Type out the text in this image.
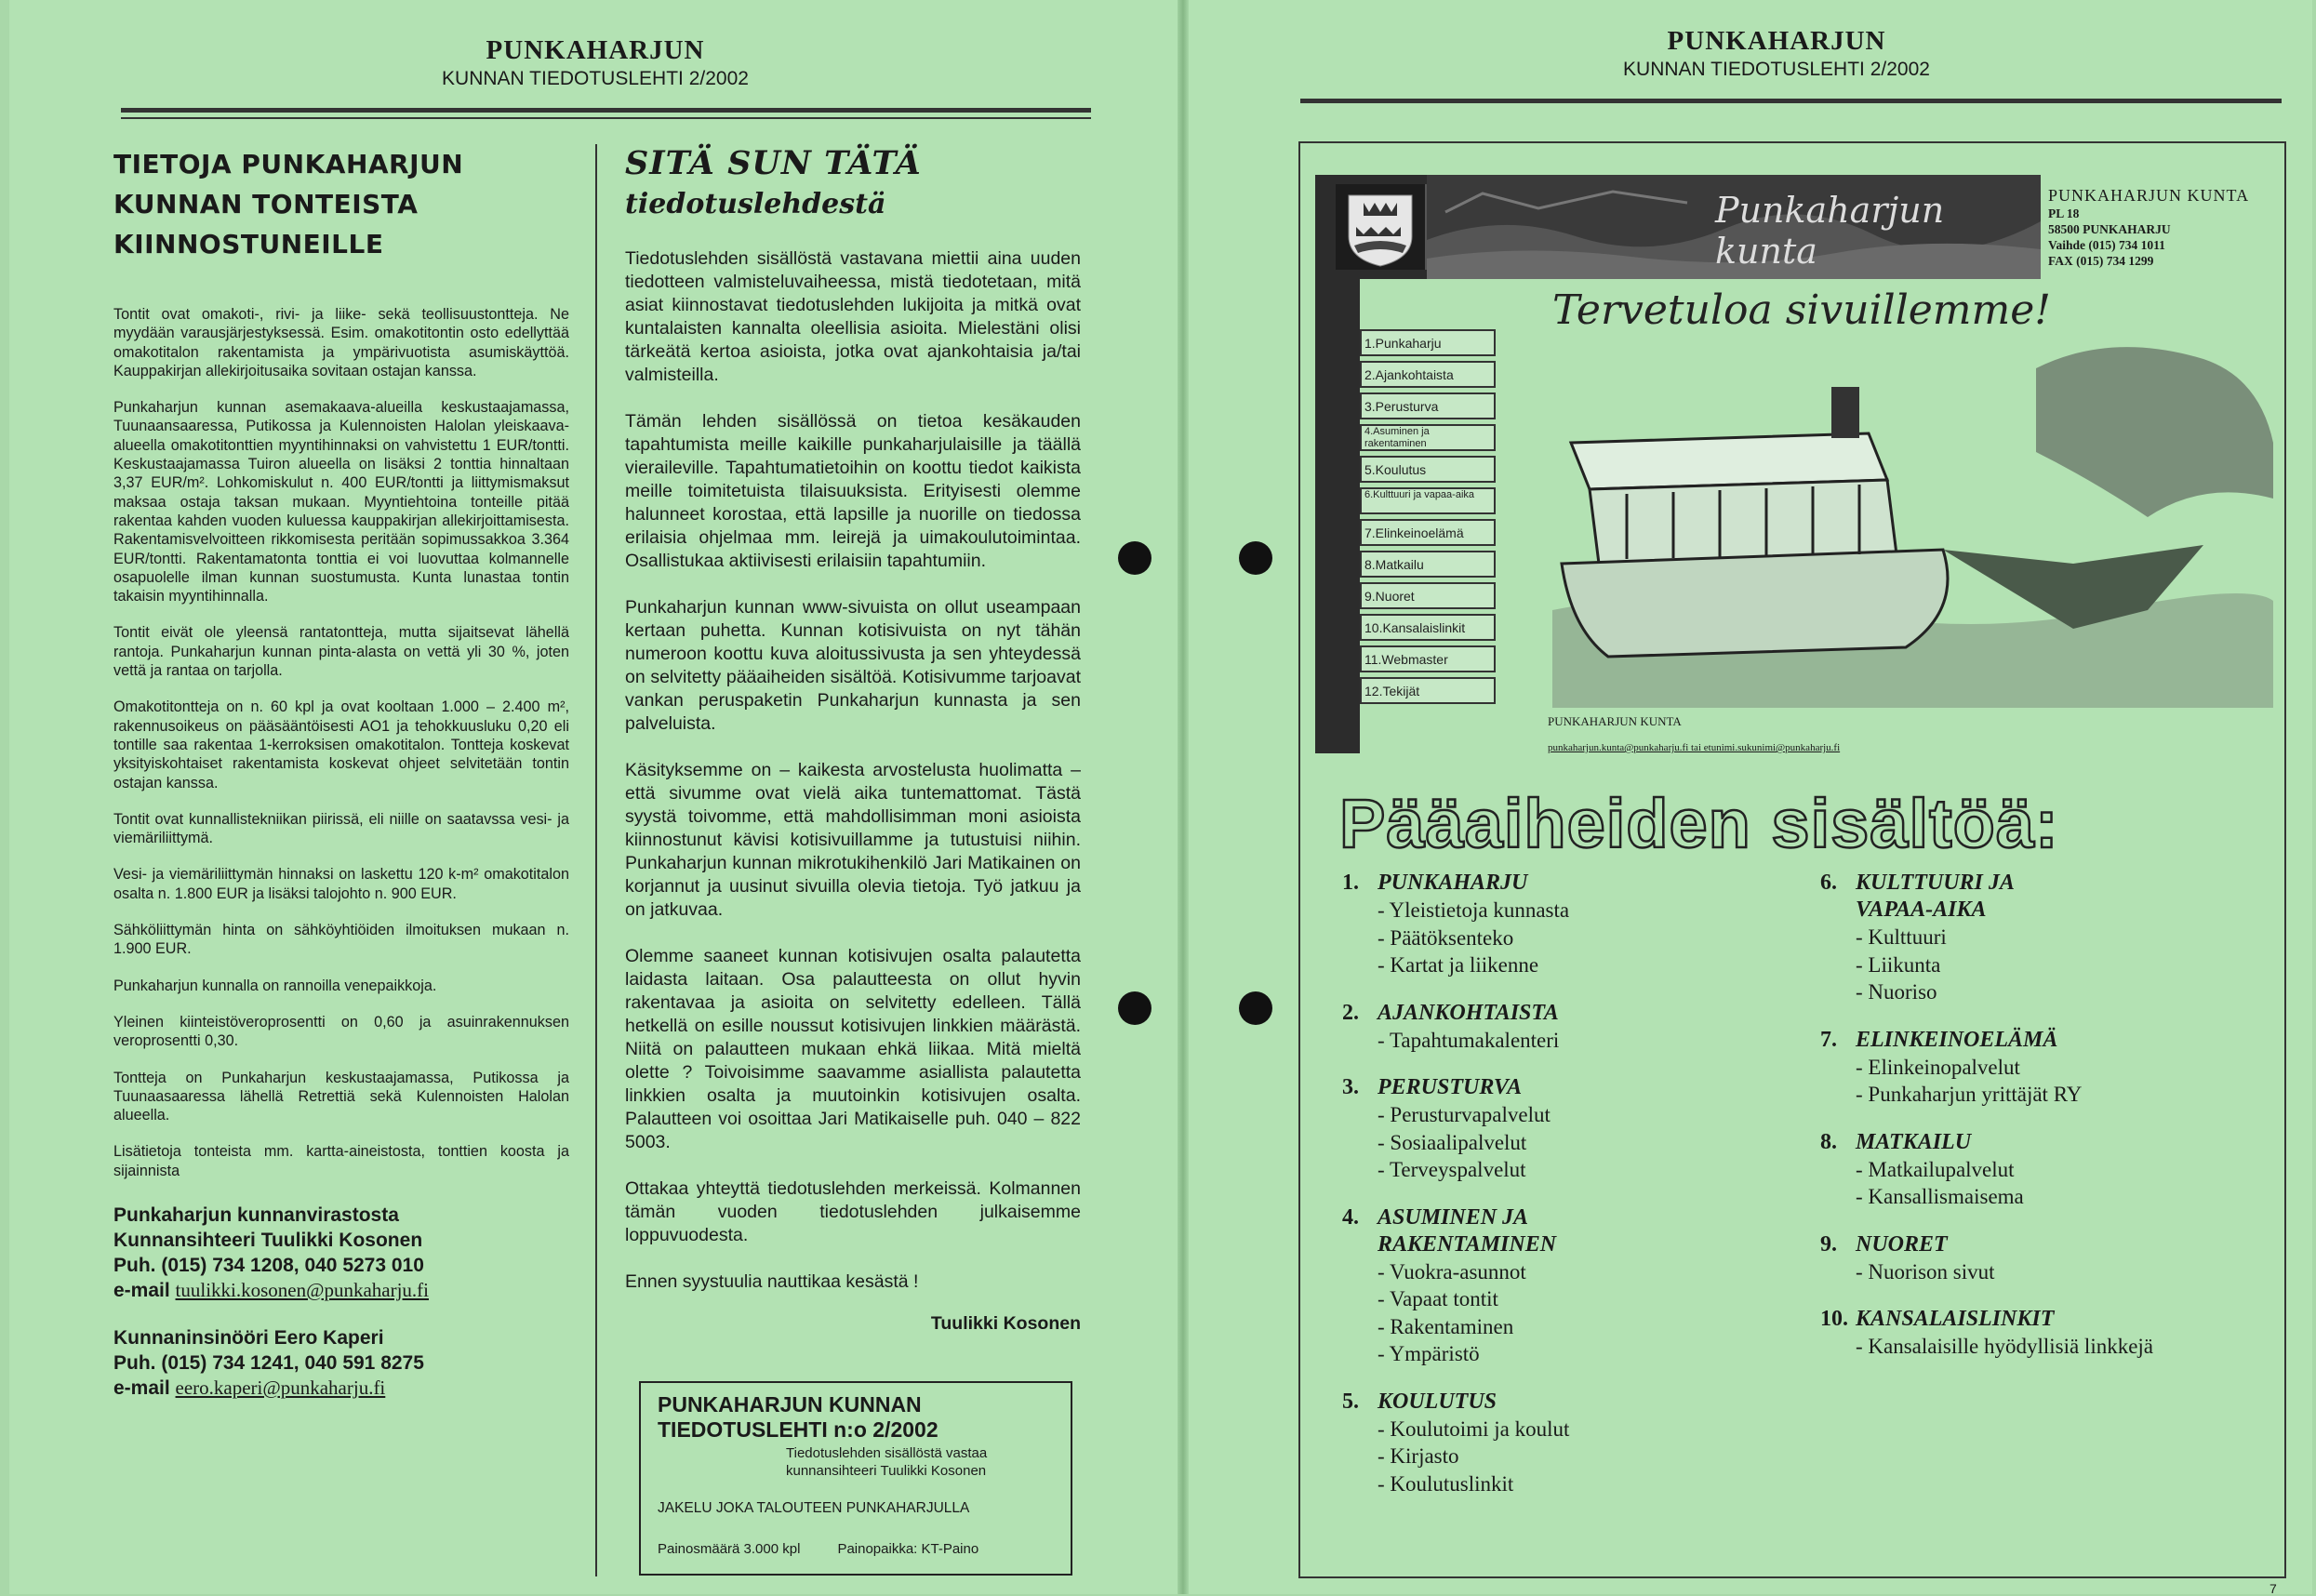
PUNKAHARJUN
KUNNAN TIEDOTUSLEHTI 2/2002
PUNKAHARJUN
KUNNAN TIEDOTUSLEHTI 2/2002
TIETOJA PUNKAHARJUN
KUNNAN TONTEISTA
KIINNOSTUNEILLE

Tontit ovat omakoti-, rivi- ja liike- sekä teollisuustontteja. Ne myydään varausjärjestyksessä. Esim. omakotitontin osto edellyttää omakotitalon rakentamista ja ympärivuotista asumiskäyttöä. Kauppakirjan allekirjoitusaika sovitaan ostajan kanssa.

Punkaharjun kunnan asemakaava-alueilla keskustaajamassa, Tuunaansaaressa, Putikossa ja Kulennoisten Halolan yleiskaava-alueella omakotitonttien myyntihinnaksi on vahvistettu 1 EUR/tontti. Keskustaajamassa Tuiron alueella on lisäksi 2 tonttia hinnaltaan 3,37 EUR/m². Lohkomiskulut n. 400 EUR/tontti ja liittymismaksut maksaa ostaja taksan mukaan. Myyntiehtoina tonteille pitää rakentaa kahden vuoden kuluessa kauppakirjan allekirjoittamisesta. Rakentamisvelvoitteen rikkomisesta peritään sopimussakkoa 3.364 EUR/tontti. Rakentamatonta tonttia ei voi luovuttaa kolmannelle osapuolelle ilman kunnan suostumusta. Kunta lunastaa tontin takaisin myyntihinnalla.

Tontit eivät ole yleensä rantatontteja, mutta sijaitsevat lähellä rantoja. Punkaharjun kunnan pinta-alasta on vettä yli 30 %, joten vettä ja rantaa on tarjolla.

Omakotitontteja on n. 60 kpl ja ovat kooltaan 1.000 – 2.400 m², rakennusoikeus on pääsääntöisesti AO1 ja tehokkuusluku 0,20 eli tontille saa rakentaa 1-kerroksisen omakotitalon. Tontteja koskevat yksityiskohtaiset rakentamista koskevat ohjeet selvitetään tontin ostajan kanssa.

Tontit ovat kunnallistekniikan piirissä, eli niille on saatavssa vesi- ja viemäriliittymä.

Vesi- ja viemäriliittymän hinnaksi on laskettu 120 k-m² omakotitalon osalta n. 1.800 EUR ja lisäksi talojohto n. 900 EUR.

Sähköliittymän hinta on sähköyhtiöiden ilmoituksen mukaan n. 1.900 EUR.

Punkaharjun kunnalla on rannoilla venepaikkoja.

Yleinen kiinteistöveroprosentti on 0,60 ja asuinrakennuksen veroprosentti 0,30.

Tontteja on Punkaharjun keskustaajamassa, Putikossa ja Tuunaasaaressa lähellä Retrettiä sekä Kulennoisten Halolan alueella.

Lisätietoja tonteista mm. kartta-aineistosta, tonttien koosta ja sijainnista

Punkaharjun kunnanvirastosta
Kunnansihteeri Tuulikki Kosonen
Puh. (015) 734 1208, 040 5273 010
e-mail tuulikki.kosonen@punkaharju.fi
Kunnaninsinööri Eero Kaperi
Puh. (015) 734 1241, 040 591 8275
e-mail eero.kaperi@punkaharju.fi
SITÄ SUN TÄTÄ
tiedotuslehdestä

Tiedotuslehden sisällöstä vastavana miettii aina uuden tiedotteen valmisteluvaiheessa, mistä tiedotetaan, mitä asiat kiinnostavat tiedotuslehden lukijoita ja mitkä ovat kuntalaisten kannalta oleellisia asioita. Mielestäni olisi tärkeätä kertoa asioista, jotka ovat ajankohtaisia ja/tai valmisteilla.

Tämän lehden sisällössä on tietoa kesäkauden tapahtumista meille kaikille punkaharjulaisille ja täällä vieraileville. Tapahtumatietoihin on koottu tiedot kaikista meille toimitetuista tilaisuuksista. Erityisesti olemme halunneet korostaa, että lapsille ja nuorille on tiedossa erilaisia ohjelmaa mm. leirejä ja uimakoulutoimintaa. Osallistukaa aktiivisesti erilaisiin tapahtumiin.

Punkaharjun kunnan www-sivuista on ollut useampaan kertaan puhetta. Kunnan kotisivuista on nyt tähän numeroon koottu kuva aloitussivusta ja sen yhteydessä on selvitetty pääaiheiden sisältöä. Kotisivumme tarjoavat vankan peruspaketin Punkaharjun kunnasta ja sen palveluista.

Käsityksemme on – kaikesta arvostelusta huolimatta – että sivumme ovat vielä aika tuntemattomat. Tästä syystä toivomme, että mahdollisimman moni asioista kiinnostunut kävisi kotisivuillamme ja tutustuisi niihin. Punkaharjun kunnan mikrotukihenkilö Jari Matikainen on korjannut ja uusinut sivuilla olevia tietoja. Työ jatkuu ja on jatkuvaa.

Olemme saaneet kunnan kotisivujen osalta palautetta laidasta laitaan. Osa palautteesta on ollut hyvin rakentavaa ja asioita on selvitetty edelleen. Tällä hetkellä on esille noussut kotisivujen linkkien määrästä. Niitä on palautteen mukaan ehkä liikaa. Mitä mieltä olette ? Toivoisimme saavamme asiallista palautetta linkkien osalta ja muutoinkin kotisivujen osalta. Palautteen voi osoittaa Jari Matikaiselle puh. 040 – 822 5003.

Ottakaa yhteyttä tiedotuslehden merkeissä. Kolmannen tämän vuoden tiedotuslehden julkaisemme loppuvuodesta.

Ennen syystuulia nauttikaa kesästä !

Tuulikki Kosonen
PUNKAHARJUN KUNNAN
TIEDOTUSLEHTI n:o 2/2002
Tiedotuslehden sisällöstä vastaa
kunnansihteeri Tuulikki Kosonen
JAKELU JOKA TALOUTEEN PUNKAHARJULLA
Painosmäärä 3.000 kpl	Painopaikka: KT-Paino
Punkaharjun kunta
PUNKAHARJUN KUNTA
PL 18
58500 PUNKAHARJU
Vaihde (015) 734 1011
FAX (015) 734 1299
1.Punkaharju
2.Ajankohtaista
3.Perusturva
4.Asuminen ja rakentaminen
5.Koulutus
6.Kulttuuri ja vapaa-aika
7.Elinkeinoelämä
8.Matkailu
9.Nuoret
10.Kansalaislinkit
11.Webmaster
12.Tekijät
Tervetuloa sivuillemme!
PUNKAHARJUN KUNTA
punkaharjun.kunta@punkaharju.fi tai etunimi.sukunimi@punkaharju.fi
Pääaiheiden sisältöä:
1. PUNKAHARJU
- Yleistietoja kunnasta
- Päätöksenteko
- Kartat ja liikenne
2. AJANKOHTAISTA
- Tapahtumakalenteri
3. PERUSTURVA
- Perusturvapalvelut
- Sosiaalipalvelut
- Terveyspalvelut
4. ASUMINEN JA RAKENTAMINEN
- Vuokra-asunnot
- Vapaat tontit
- Rakentaminen
- Ympäristö
5. KOULUTUS
- Koulutoimi ja koulut
- Kirjasto
- Koulutuslinkit
6. KULTTUURI JA VAPAA-AIKA
- Kulttuuri
- Liikunta
- Nuoriso
7. ELINKEINOELÄMÄ
- Elinkeinopalvelut
- Punkaharjun yrittäjät RY
8. MATKAILU
- Matkailupalvelut
- Kansallismaisema
9. NUORET
- Nuorison sivut
10. KANSALAISLINKIT
- Kansalaisille hyödyllisiä linkkejä
7
